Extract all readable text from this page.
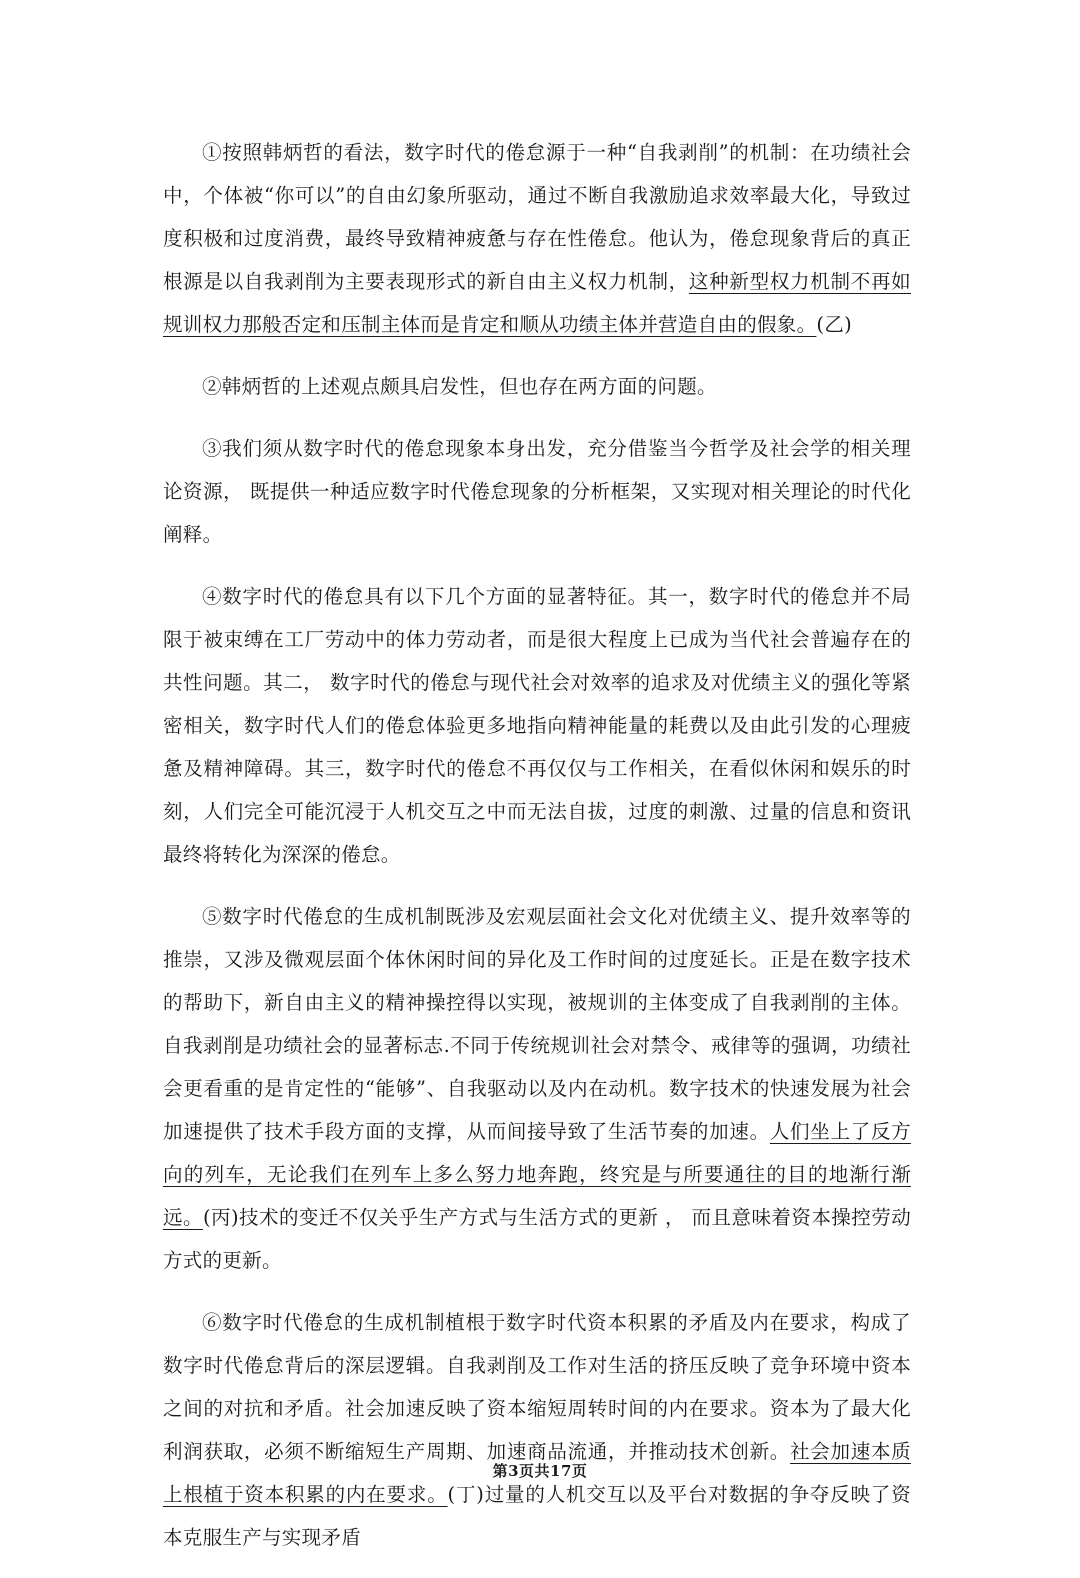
①按照韩炳哲的看法，数字时代的倦怠源于一种“自我剥削”的机制：在功绩社会中，个体被“你可以”的自由幻象所驱动，通过不断自我激励追求效率最大化，导致过度积极和过度消费，最终导致精神疲惫与存在性倦怠。他认为，倦怠现象背后的真正根源是以自我剥削为主要表现形式的新自由主义权力机制，这种新型权力机制不再如规训权力那般否定和压制主体而是肯定和顺从功绩主体并营造自由的假象。(乙)

②韩炳哲的上述观点颇具启发性，但也存在两方面的问题。

③我们须从数字时代的倦怠现象本身出发，充分借鉴当今哲学及社会学的相关理论资源， 既提供一种适应数字时代倦怠现象的分析框架，又实现对相关理论的时代化阐释。

④数字时代的倦怠具有以下几个方面的显著特征。其一，数字时代的倦怠并不局限于被束缚在工厂劳动中的体力劳动者，而是很大程度上已成为当代社会普遍存在的共性问题。其二， 数字时代的倦怠与现代社会对效率的追求及对优绩主义的强化等紧密相关，数字时代人们的倦怠体验更多地指向精神能量的耗费以及由此引发的心理疲惫及精神障碍。其三，数字时代的倦怠不再仅仅与工作相关，在看似休闲和娱乐的时刻，人们完全可能沉浸于人机交互之中而无法自拔，过度的刺激、过量的信息和资讯最终将转化为深深的倦怠。

⑤数字时代倦怠的生成机制既涉及宏观层面社会文化对优绩主义、提升效率等的推崇，又涉及微观层面个体休闲时间的异化及工作时间的过度延长。正是在数字技术的帮助下，新自由主义的精神操控得以实现，被规训的主体变成了自我剥削的主体。自我剥削是功绩社会的显著标志.不同于传统规训社会对禁令、戒律等的强调，功绩社会更看重的是肯定性的“能够”、自我驱动以及内在动机。数字技术的快速发展为社会加速提供了技术手段方面的支撑，从而间接导致了生活节奏的加速。人们坐上了反方向的列车，无论我们在列车上多么努力地奔跑，终究是与所要通往的目的地渐行渐远。(丙)技术的变迁不仅关乎生产方式与生活方式的更新 ， 而且意味着资本操控劳动方式的更新。

⑥数字时代倦怠的生成机制植根于数字时代资本积累的矛盾及内在要求，构成了数字时代倦怠背后的深层逻辑。自我剥削及工作对生活的挤压反映了竞争环境中资本之间的对抗和矛盾。社会加速反映了资本缩短周转时间的内在要求。资本为了最大化利润获取，必须不断缩短生产周期、加速商品流通，并推动技术创新。社会加速本质上根植于资本积累的内在要求。(丁)过量的人机交互以及平台对数据的争夺反映了资本克服生产与实现矛盾

第3页共17页
